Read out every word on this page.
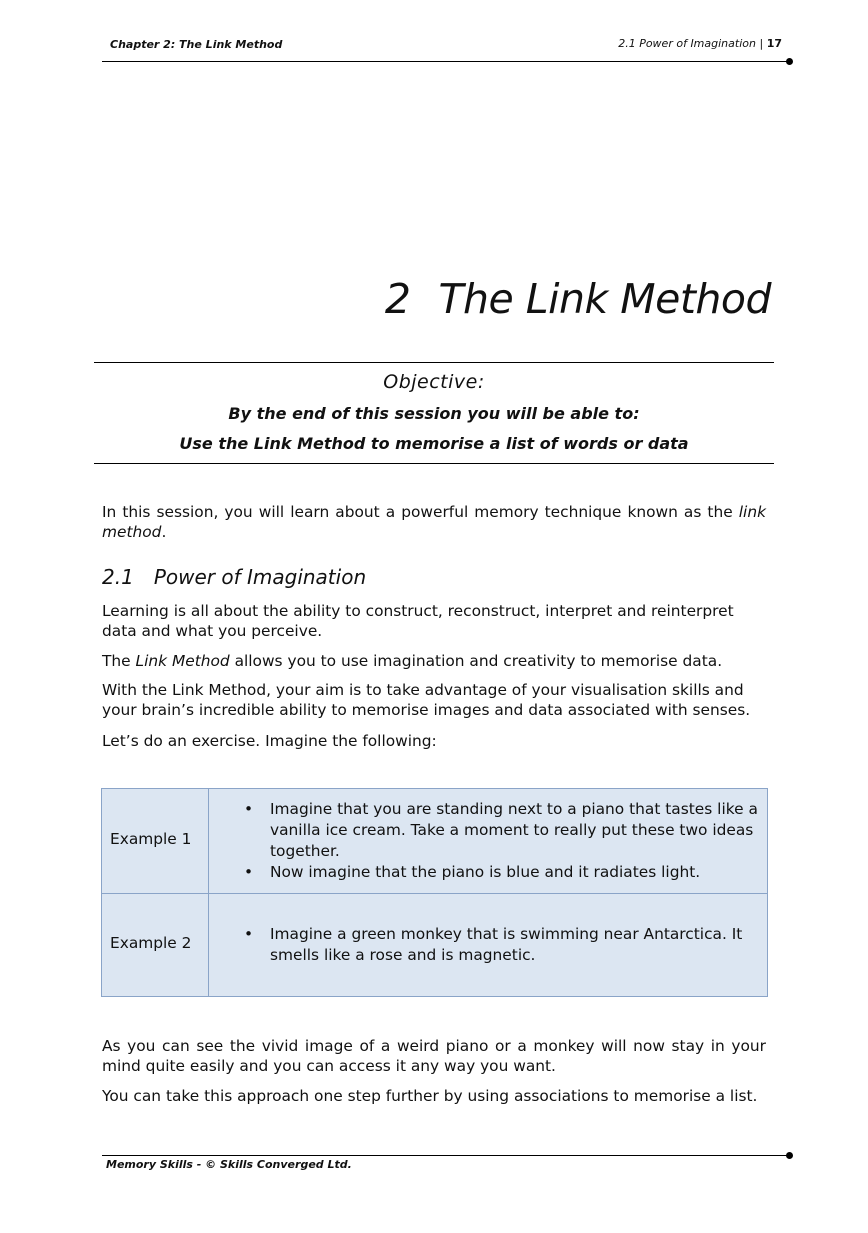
Chapter 2: The Link Method	2.1 Power of Imagination | 17
2 The Link Method
Objective:
By the end of this session you will be able to:
Use the Link Method to memorise a list of words or data
In this session, you will learn about a powerful memory technique known as the link method.
2.1 Power of Imagination
Learning is all about the ability to construct, reconstruct, interpret and reinterpret data and what you perceive.
The Link Method allows you to use imagination and creativity to memorise data.
With the Link Method, your aim is to take advantage of your visualisation skills and your brain’s incredible ability to memorise images and data associated with senses.
Let’s do an exercise. Imagine the following:
Example 1
• Imagine that you are standing next to a piano that tastes like a vanilla ice cream. Take a moment to really put these two ideas together.
• Now imagine that the piano is blue and it radiates light.
Example 2	• Imagine a green monkey that is swimming near Antarctica. It smells like a rose and is magnetic.
As you can see the vivid image of a weird piano or a monkey will now stay in your mind quite easily and you can access it any way you want.
You can take this approach one step further by using associations to memorise a list.
Memory Skills - © Skills Converged Ltd.
